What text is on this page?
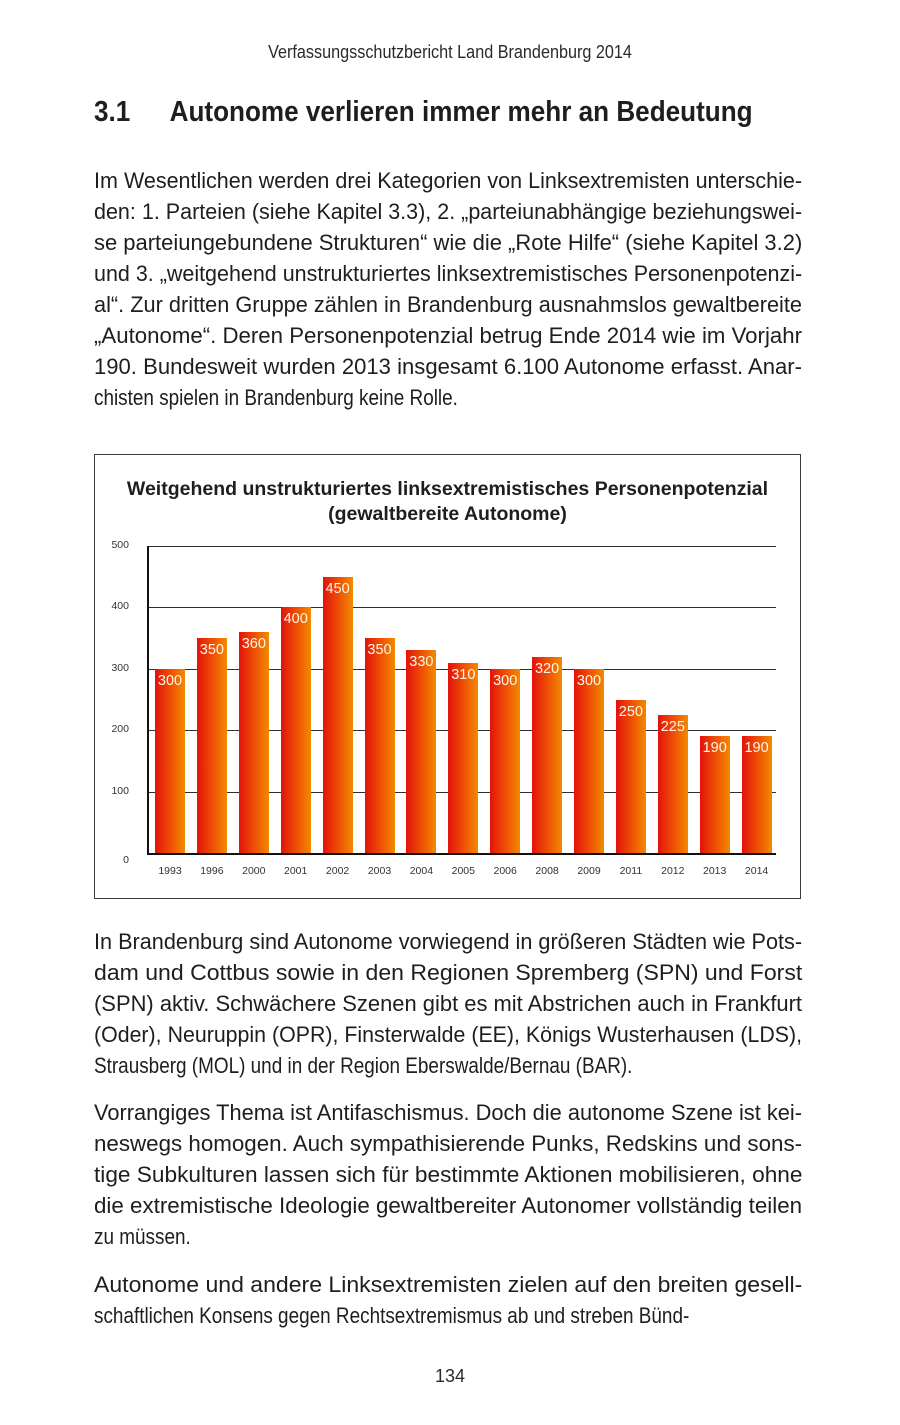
Verfassungsschutzbericht Land Brandenburg 2014
3.1 Autonome verlieren immer mehr an Bedeutung
Im Wesentlichen werden drei Kategorien von Linksextremisten unterschie-
den: 1. Parteien (siehe Kapitel 3.3), 2. „parteiunabhängige beziehungswei-
se parteiungebundene Strukturen“ wie die „Rote Hilfe“ (siehe Kapitel 3.2)
und 3. „weitgehend unstrukturiertes linksextremistisches Personenpotenzi-
al“. Zur dritten Gruppe zählen in Brandenburg ausnahmslos gewaltbereite
„Autonome“. Deren Personenpotenzial betrug Ende 2014 wie im Vorjahr
190. Bundesweit wurden 2013 insgesamt 6.100 Autonome erfasst. Anar-
chisten spielen in Brandenburg keine Rolle.
Weitgehend unstrukturiertes linksextremistisches Personenpotenzial
(gewaltbereite Autonome)
0
100
200
300
400
500
300
1993
350
1996
360
2000
400
2001
450
2002
350
2003
330
2004
310
2005
300
2006
320
2008
300
2009
250
2011
225
2012
190
2013
190
2014
In Brandenburg sind Autonome vorwiegend in größeren Städten wie Pots-
dam und Cottbus sowie in den Regionen Spremberg (SPN) und Forst
(SPN) aktiv. Schwächere Szenen gibt es mit Abstrichen auch in Frankfurt
(Oder), Neuruppin (OPR), Finsterwalde (EE), Königs Wusterhausen (LDS),
Strausberg (MOL) und in der Region Eberswalde/Bernau (BAR).
Vorrangiges Thema ist Antifaschismus. Doch die autonome Szene ist kei-
neswegs homogen. Auch sympathisierende Punks, Redskins und sons-
tige Subkulturen lassen sich für bestimmte Aktionen mobilisieren, ohne
die extremistische Ideologie gewaltbereiter Autonomer vollständig teilen
zu müssen.
Autonome und andere Linksextremisten zielen auf den breiten gesell-
schaftlichen Konsens gegen Rechtsextremismus ab und streben Bünd-
134
